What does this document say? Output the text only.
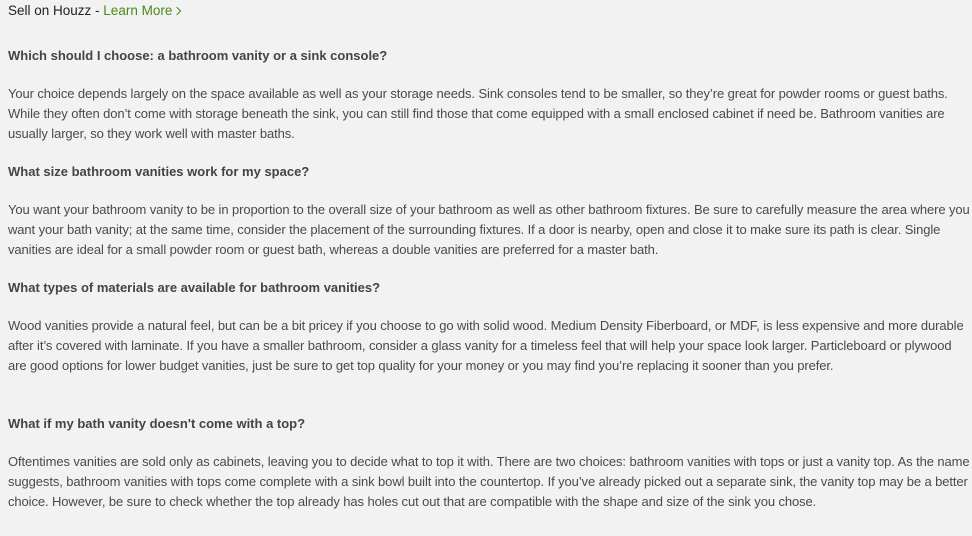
Sell on Houzz - Learn More
Which should I choose: a bathroom vanity or a sink console?

Your choice depends largely on the space available as well as your storage needs. Sink consoles tend to be smaller, so they’re great for powder rooms or guest baths. While they often don’t come with storage beneath the sink, you can still find those that come equipped with a small enclosed cabinet if need be. Bathroom vanities are usually larger, so they work well with master baths.

What size bathroom vanities work for my space?

You want your bathroom vanity to be in proportion to the overall size of your bathroom as well as other bathroom fixtures. Be sure to carefully measure the area where you want your bath vanity; at the same time, consider the placement of the surrounding fixtures. If a door is nearby, open and close it to make sure its path is clear. Single vanities are ideal for a small powder room or guest bath, whereas a double vanities are preferred for a master bath.

What types of materials are available for bathroom vanities?

Wood vanities provide a natural feel, but can be a bit pricey if you choose to go with solid wood. Medium Density Fiberboard, or MDF, is less expensive and more durable after it’s covered with laminate. If you have a smaller bathroom, consider a glass vanity for a timeless feel that will help your space look larger. Particleboard or plywood are good options for lower budget vanities, just be sure to get top quality for your money or you may find you’re replacing it sooner than you prefer.

What if my bath vanity doesn't come with a top?

Oftentimes vanities are sold only as cabinets, leaving you to decide what to top it with. There are two choices: bathroom vanities with tops or just a vanity top. As the name suggests, bathroom vanities with tops come complete with a sink bowl built into the countertop. If you’ve already picked out a separate sink, the vanity top may be a better choice. However, be sure to check whether the top already has holes cut out that are compatible with the shape and size of the sink you chose.
